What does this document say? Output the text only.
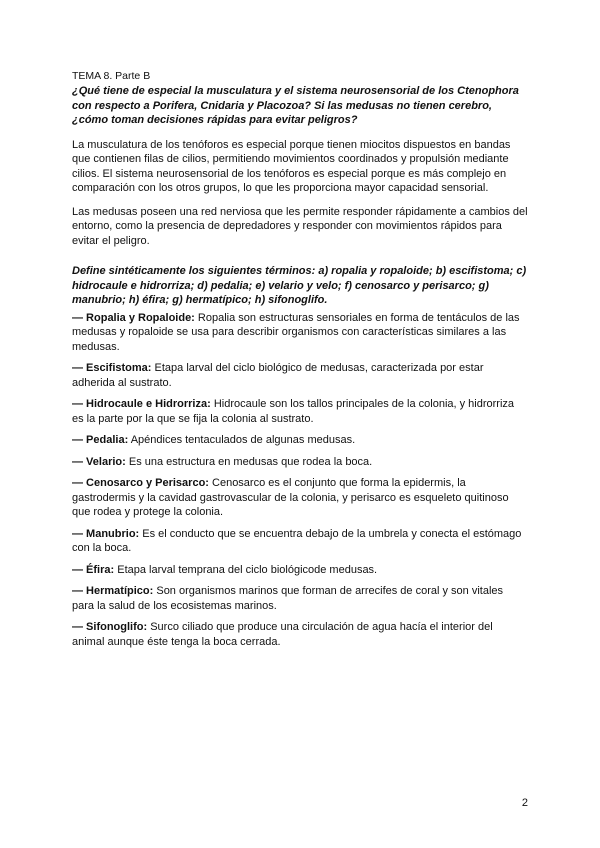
TEMA 8. Parte B
¿Qué tiene de especial la musculatura y el sistema neurosensorial de los Ctenophora con respecto a Porifera, Cnidaria y Placozoa? Si las medusas no tienen cerebro, ¿cómo toman decisiones rápidas para evitar peligros?

La musculatura de los tenóforos es especial porque tienen miocitos dispuestos en bandas que contienen filas de cilios, permitiendo movimientos coordinados y propulsión mediante cilios. El sistema neurosensorial de los tenóforos es especial porque es más complejo en comparación con los otros grupos, lo que les proporciona mayor capacidad sensorial.

Las medusas poseen una red nerviosa que les permite responder rápidamente a cambios del entorno, como la presencia de depredadores y responder con movimientos rápidos para evitar el peligro.

Define sintéticamente los siguientes términos: a) ropalia y ropaloide; b) escifistoma; c) hidrocaule e hidrorriza; d) pedalia; e) velario y velo; f) cenosarco y perisarco; g) manubrio; h) éfira; g) hermatípico; h) sifonoglifo.
— Ropalia y Ropaloide: Ropalia son estructuras sensoriales en forma de tentáculos de las medusas y ropaloide se usa para describir organismos con características similares a las medusas.
— Escifistoma: Etapa larval del ciclo biológico de medusas, caracterizada por estar adherida al sustrato.
— Hidrocaule e Hidrorriza: Hidrocaule son los tallos principales de la colonia, y hidrorriza es la parte por la que se fija la colonia al sustrato.
— Pedalia: Apéndices tentaculados de algunas medusas.
— Velario: Es una estructura en medusas que rodea la boca.
— Cenosarco y Perisarco: Cenosarco es el conjunto que forma la epidermis, la gastrodermis y la cavidad gastrovascular de la colonia, y perisarco es esqueleto quitinoso que rodea y protege la colonia.
— Manubrio: Es el conducto que se encuentra debajo de la umbrela y conecta el estómago con la boca.
— Éfira: Etapa larval temprana del ciclo biológicode medusas.
— Hermatípico: Son organismos marinos que forman de arrecifes de coral y son vitales para la salud de los ecosistemas marinos.
— Sifonoglifo: Surco ciliado que produce una circulación de agua hacía el interior del animal aunque éste tenga la boca cerrada.
2
